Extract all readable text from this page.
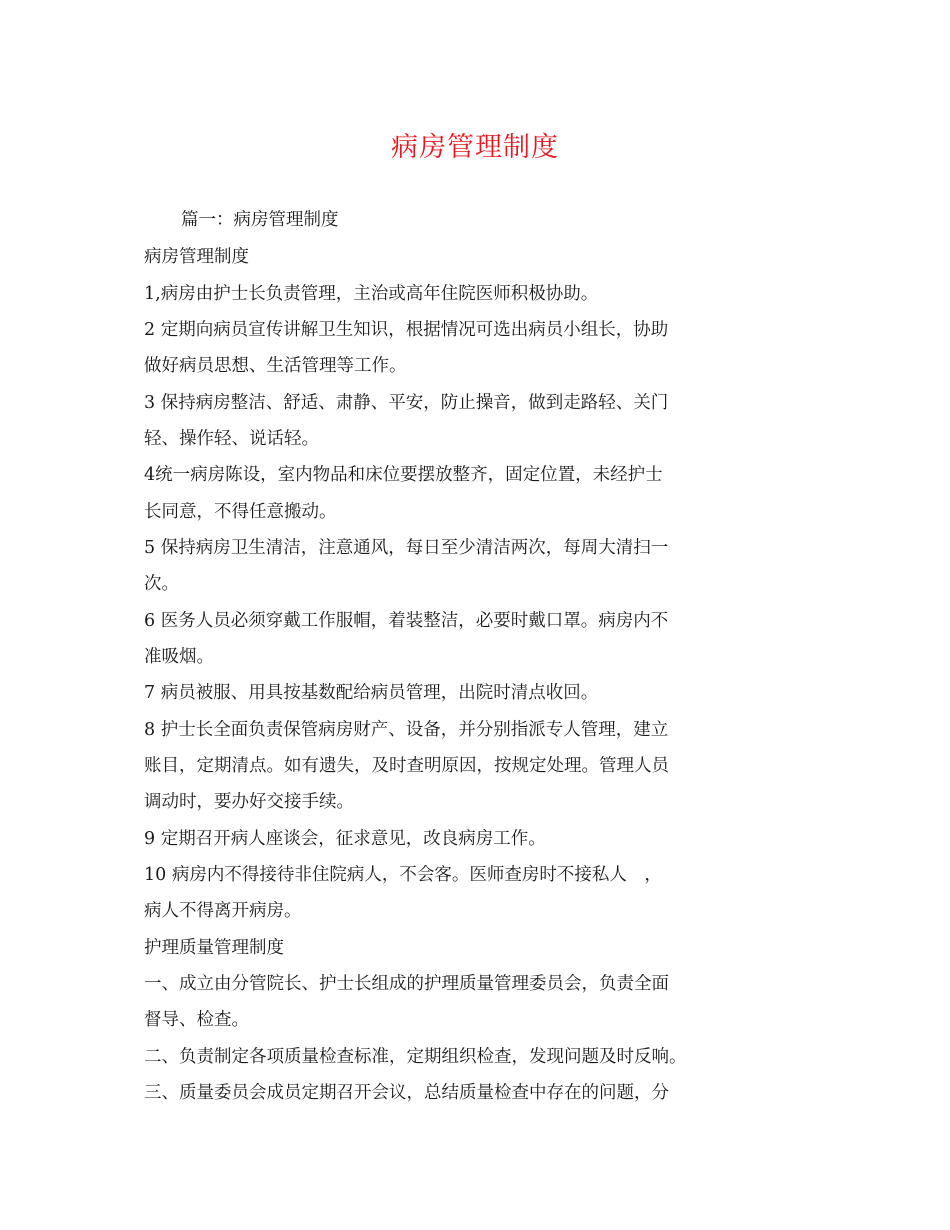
病房管理制度
篇一：病房管理制度
病房管理制度
1,病房由护士长负责管理，主治或高年住院医师积极协助。
2 定期向病员宣传讲解卫生知识，根据情况可选出病员小组长，协助
做好病员思想、生活管理等工作。
3 保持病房整洁、舒适、肃静、平安，防止操音，做到走路轻、关门
轻、操作轻、说话轻。
4统一病房陈设，室内物品和床位要摆放整齐，固定位置，未经护士
长同意，不得任意搬动。
5 保持病房卫生清洁，注意通风，每日至少清洁两次，每周大清扫一
次。
6 医务人员必须穿戴工作服帽，着装整洁，必要时戴口罩。病房内不
准吸烟。
7 病员被服、用具按基数配给病员管理，出院时清点收回。
8 护士长全面负责保管病房财产、设备，并分别指派专人管理，建立
账目，定期清点。如有遗失，及时查明原因，按规定处理。管理人员
调动时，要办好交接手续。
9 定期召开病人座谈会，征求意见，改良病房工作。
10 病房内不得接待非住院病人，不会客。医师查房时不接私人　，
病人不得离开病房。
护理质量管理制度
一、成立由分管院长、护士长组成的护理质量管理委员会，负责全面
督导、检查。
二、负责制定各项质量检查标准，定期组织检查，发现问题及时反响。
三、质量委员会成员定期召开会议，总结质量检查中存在的问题，分
